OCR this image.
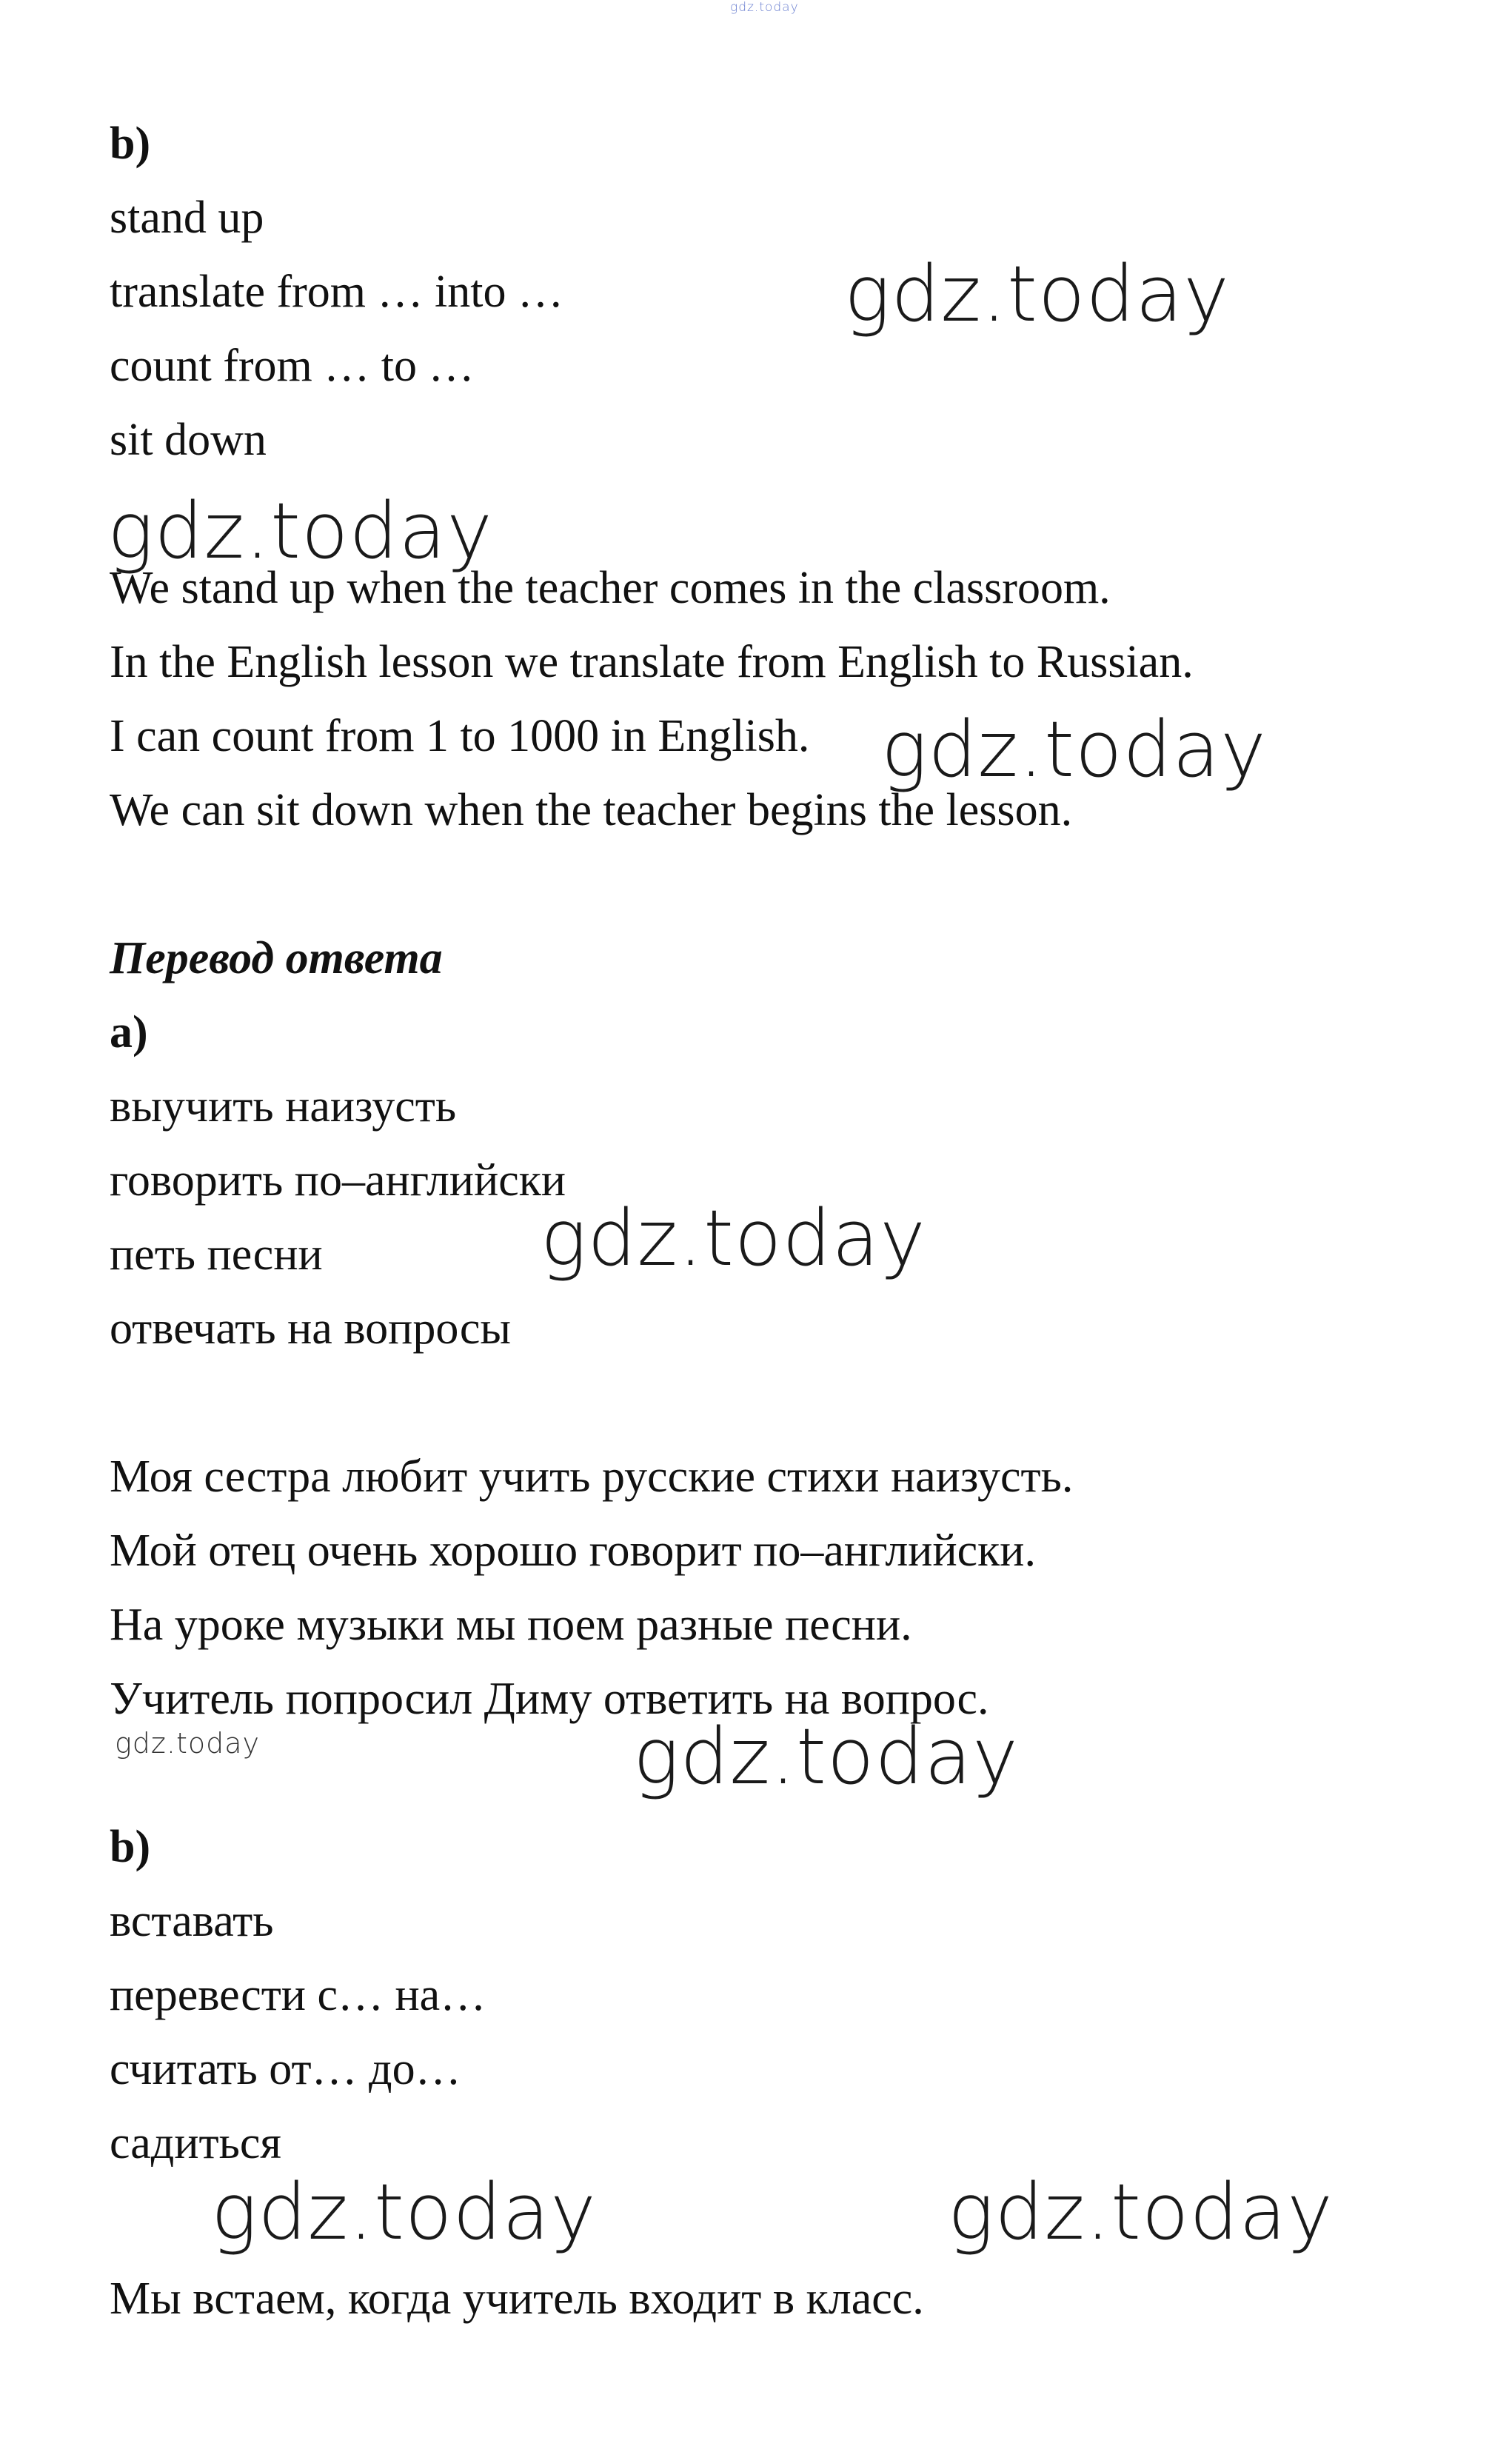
gdz.today
gdz.today
gdz.today
gdz.today
gdz.today
gdz.today	gdz.today
gdz.today	gdz.today
b)
stand up
translate from … into …
count from … to …
sit down
We stand up when the teacher comes in the classroom.
In the English lesson we translate from English to Russian.
I can count from 1 to 1000 in English.
We can sit down when the teacher begins the lesson.
Перевод ответа
a)
выучить наизусть
говорить по–английски
петь песни
отвечать на вопросы
Моя сестра любит учить русские стихи наизусть.
Мой отец очень хорошо говорит по–английски.
На уроке музыки мы поем разные песни.
Учитель попросил Диму ответить на вопрос.
b)
вставать
перевести с… на…
считать от… до…
садиться
Мы встаем, когда учитель входит в класс.
